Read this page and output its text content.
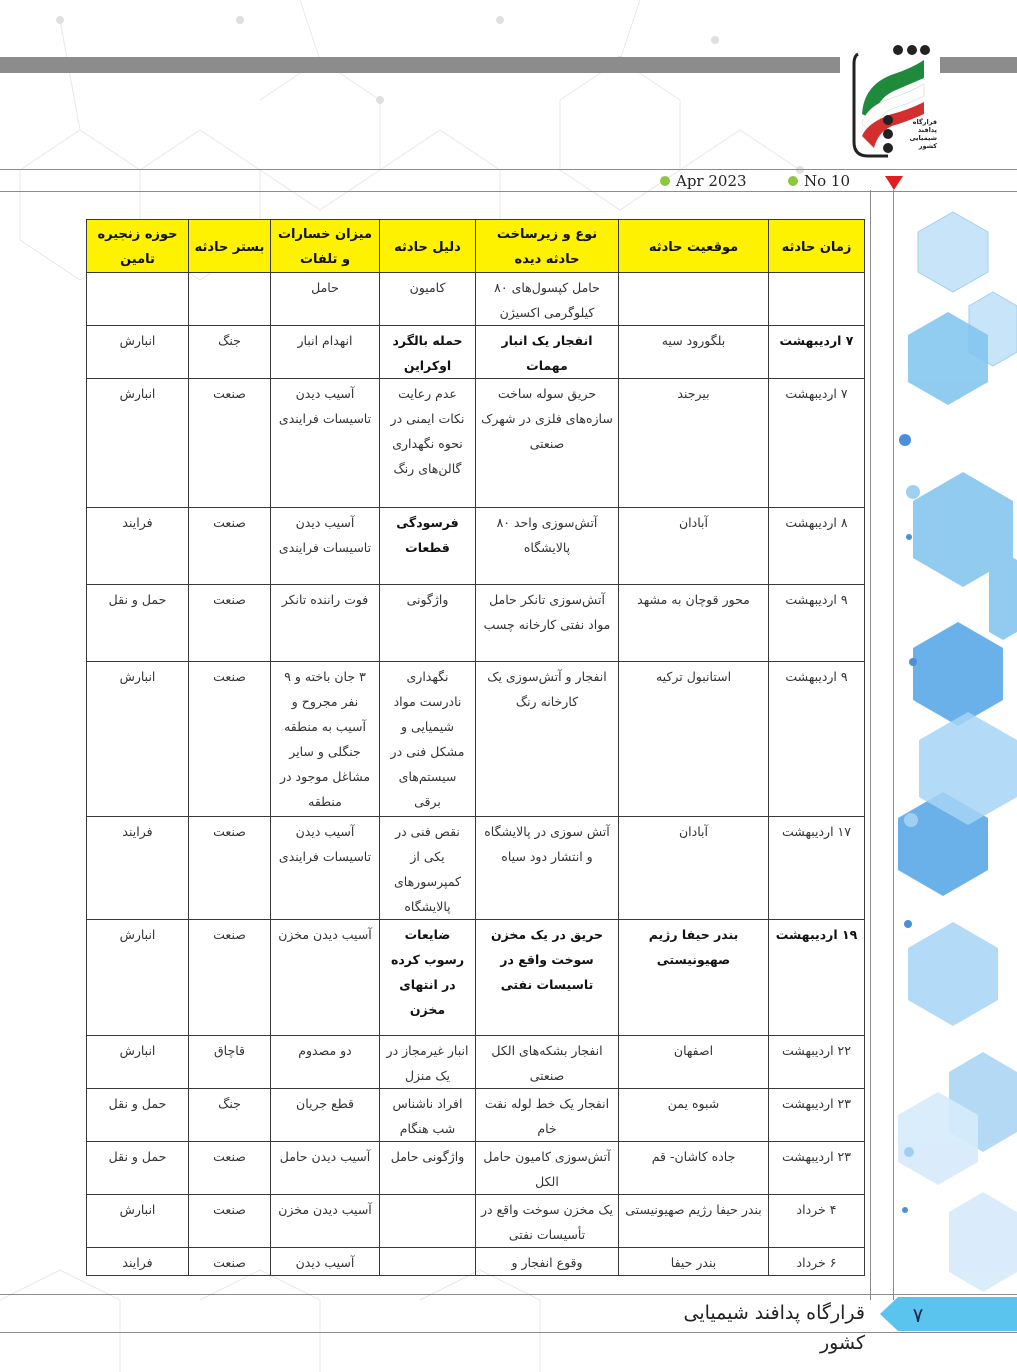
قرارگاه
پدافند
شیمیایی
کشور
Apr 2023	No 10
زمان حادثه	موقعیت حادثه	نوع و زیرساخت حادثه دیده	دلیل حادثه	میزان خسارات و تلفات	بستر حادثه	حوزه زنجیره تامین
		حامل کپسول‌های ۸۰ کیلوگرمی اکسیژن	کامیون	حامل		
۷ اردیبهشت	بلگورود سیه	انفجار یک انبار مهمات	حمله بالگرد اوکراین	انهدام انبار	جنگ	انبارش
۷ اردیبهشت	بیرجند	حریق سوله ساخت سازه‌های فلزی در شهرک صنعتی	عدم رعایت نکات ایمنی در نحوه نگهداری گالن‌های رنگ	آسیب دیدن تاسیسات فرایندی	صنعت	انبارش
۸ اردیبهشت	آبادان	آتش‌سوزی واحد ۸۰ پالایشگاه	فرسودگی قطعات	آسیب دیدن تاسیسات فرایندی	صنعت	فرایند
۹ اردیبهشت	محور قوچان به مشهد	آتش‌سوزی تانکر حامل مواد نفتی کارخانه چسب	واژگونی	فوت راننده تانکر	صنعت	حمل و نقل
۹ اردیبهشت	استانبول ترکیه	انفجار و آتش‌سوزی یک کارخانه رنگ	نگهداری نادرست مواد شیمیایی و مشکل فنی در سیستم‌های برقی	۳ جان باخته و ۹ نفر مجروح و آسیب به منطقه جنگلی و سایر مشاغل موجود در منطقه	صنعت	انبارش
۱۷ اردیبهشت	آبادان	آتش سوزی در پالایشگاه و انتشار دود سیاه	نقص فنی در یکی از کمپرسورهای پالایشگاه	آسیب دیدن تاسیسات فرایندی	صنعت	فرایند
۱۹ اردیبهشت	بندر حیفا رژیم صهیونیستی	حریق در یک مخزن سوخت واقع در تاسیسات نفتی	ضایعات رسوب کرده در انتهای مخزن	آسیب دیدن مخزن	صنعت	انبارش
۲۲ اردیبهشت	اصفهان	انفجار بشکه‌های الکل صنعتی	انبار غیرمجاز در یک منزل	دو مصدوم	قاچاق	انبارش
۲۳ اردیبهشت	شبوه یمن	انفجار یک خط لوله نفت خام	افراد ناشناس شب هنگام	قطع جریان	جنگ	حمل و نقل
۲۳ اردیبهشت	جاده کاشان- قم	آتش‌سوزی کامیون حامل الکل	واژگونی حامل	آسیب دیدن حامل	صنعت	حمل و نقل
۴ خرداد	بندر حیفا رژیم صهیونیستی	یک مخزن سوخت واقع در تأسیسات نفتی		آسیب دیدن مخزن	صنعت	انبارش
۶ خرداد	بندر حیفا	وقوع انفجار و		آسیب دیدن	صنعت	فرایند
قرارگاه پدافند شیمیایی کشور
۷
